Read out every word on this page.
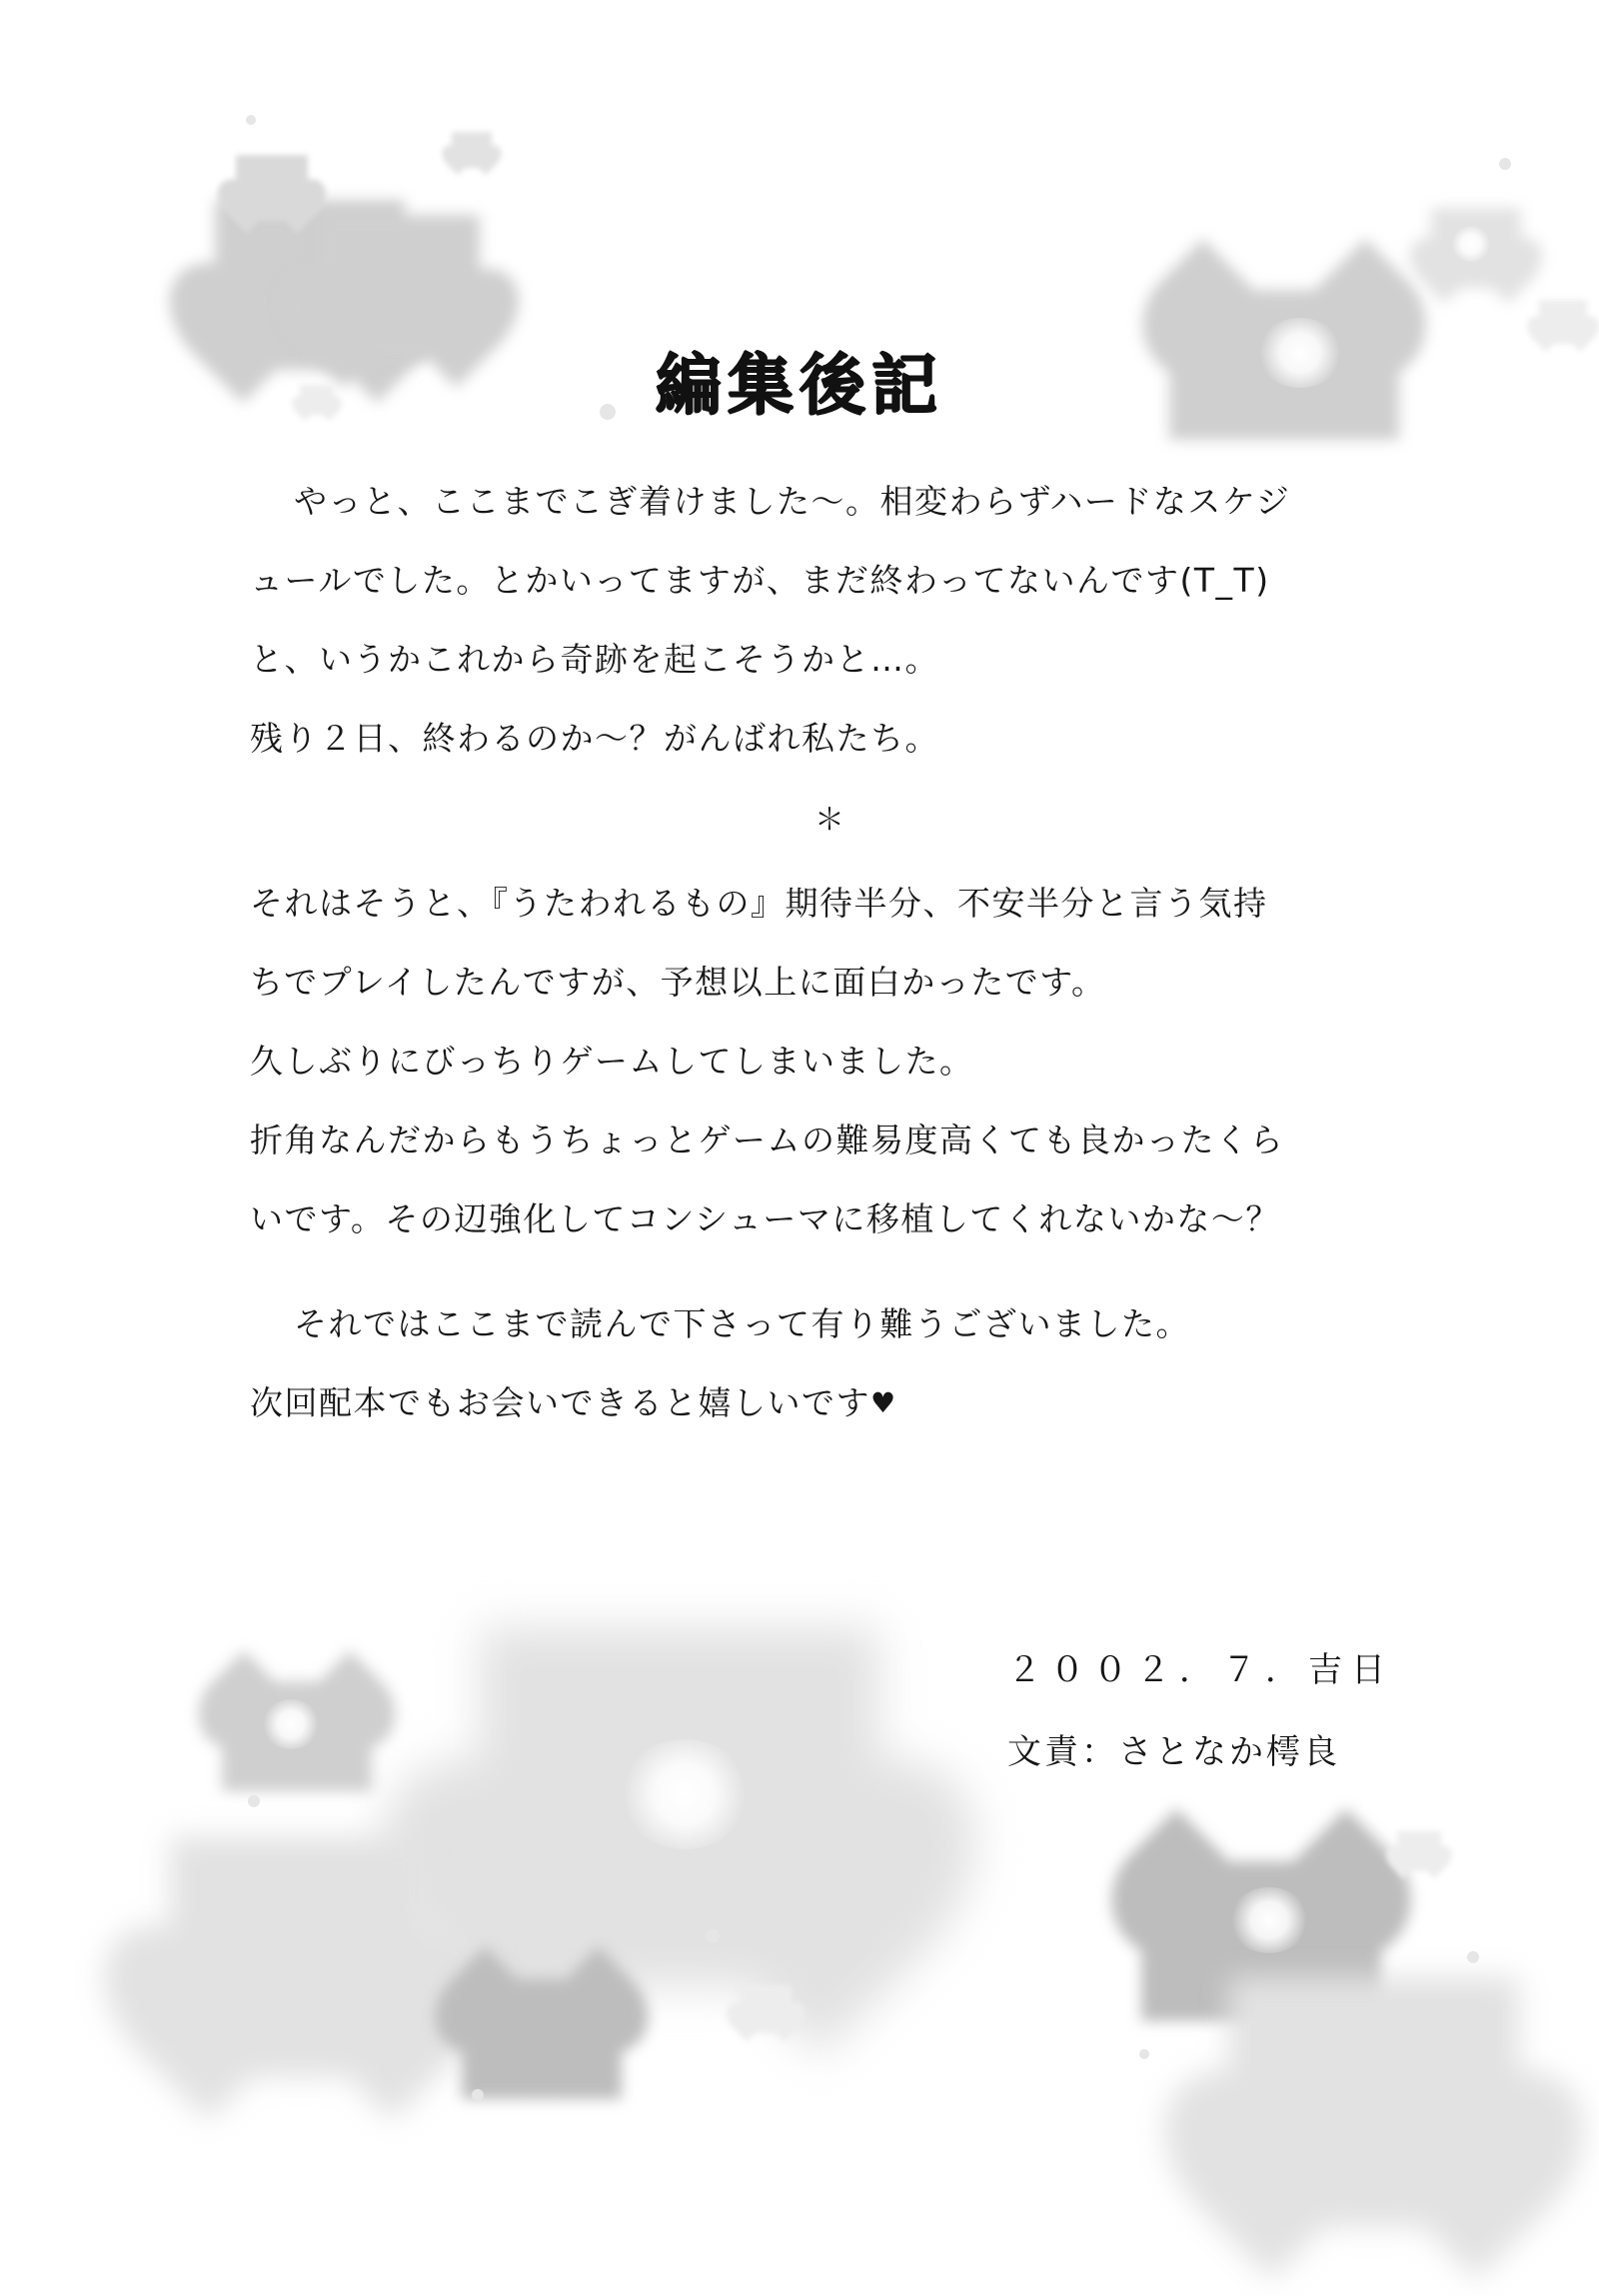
編集後記

やっと、ここまでこぎ着けました〜。相変わらずハードなスケジ

ュールでした。とかいってますが、まだ終わってないんです(T_T)

と、いうかこれから奇跡を起こそうかと…。

残り２日、終わるのか〜？がんばれ私たち。

＊

それはそうと、『うたわれるもの』期待半分、不安半分と言う気持

ちでプレイしたんですが、予想以上に面白かったです。

久しぶりにびっちりゲームしてしまいました。

折角なんだからもうちょっとゲームの難易度高くても良かったくら

いです。その辺強化してコンシューマに移植してくれないかな〜？

それではここまで読んで下さって有り難うございました。

次回配本でもお会いできると嬉しいです♥

２００２．７．吉日
文責：さとなか樗良
